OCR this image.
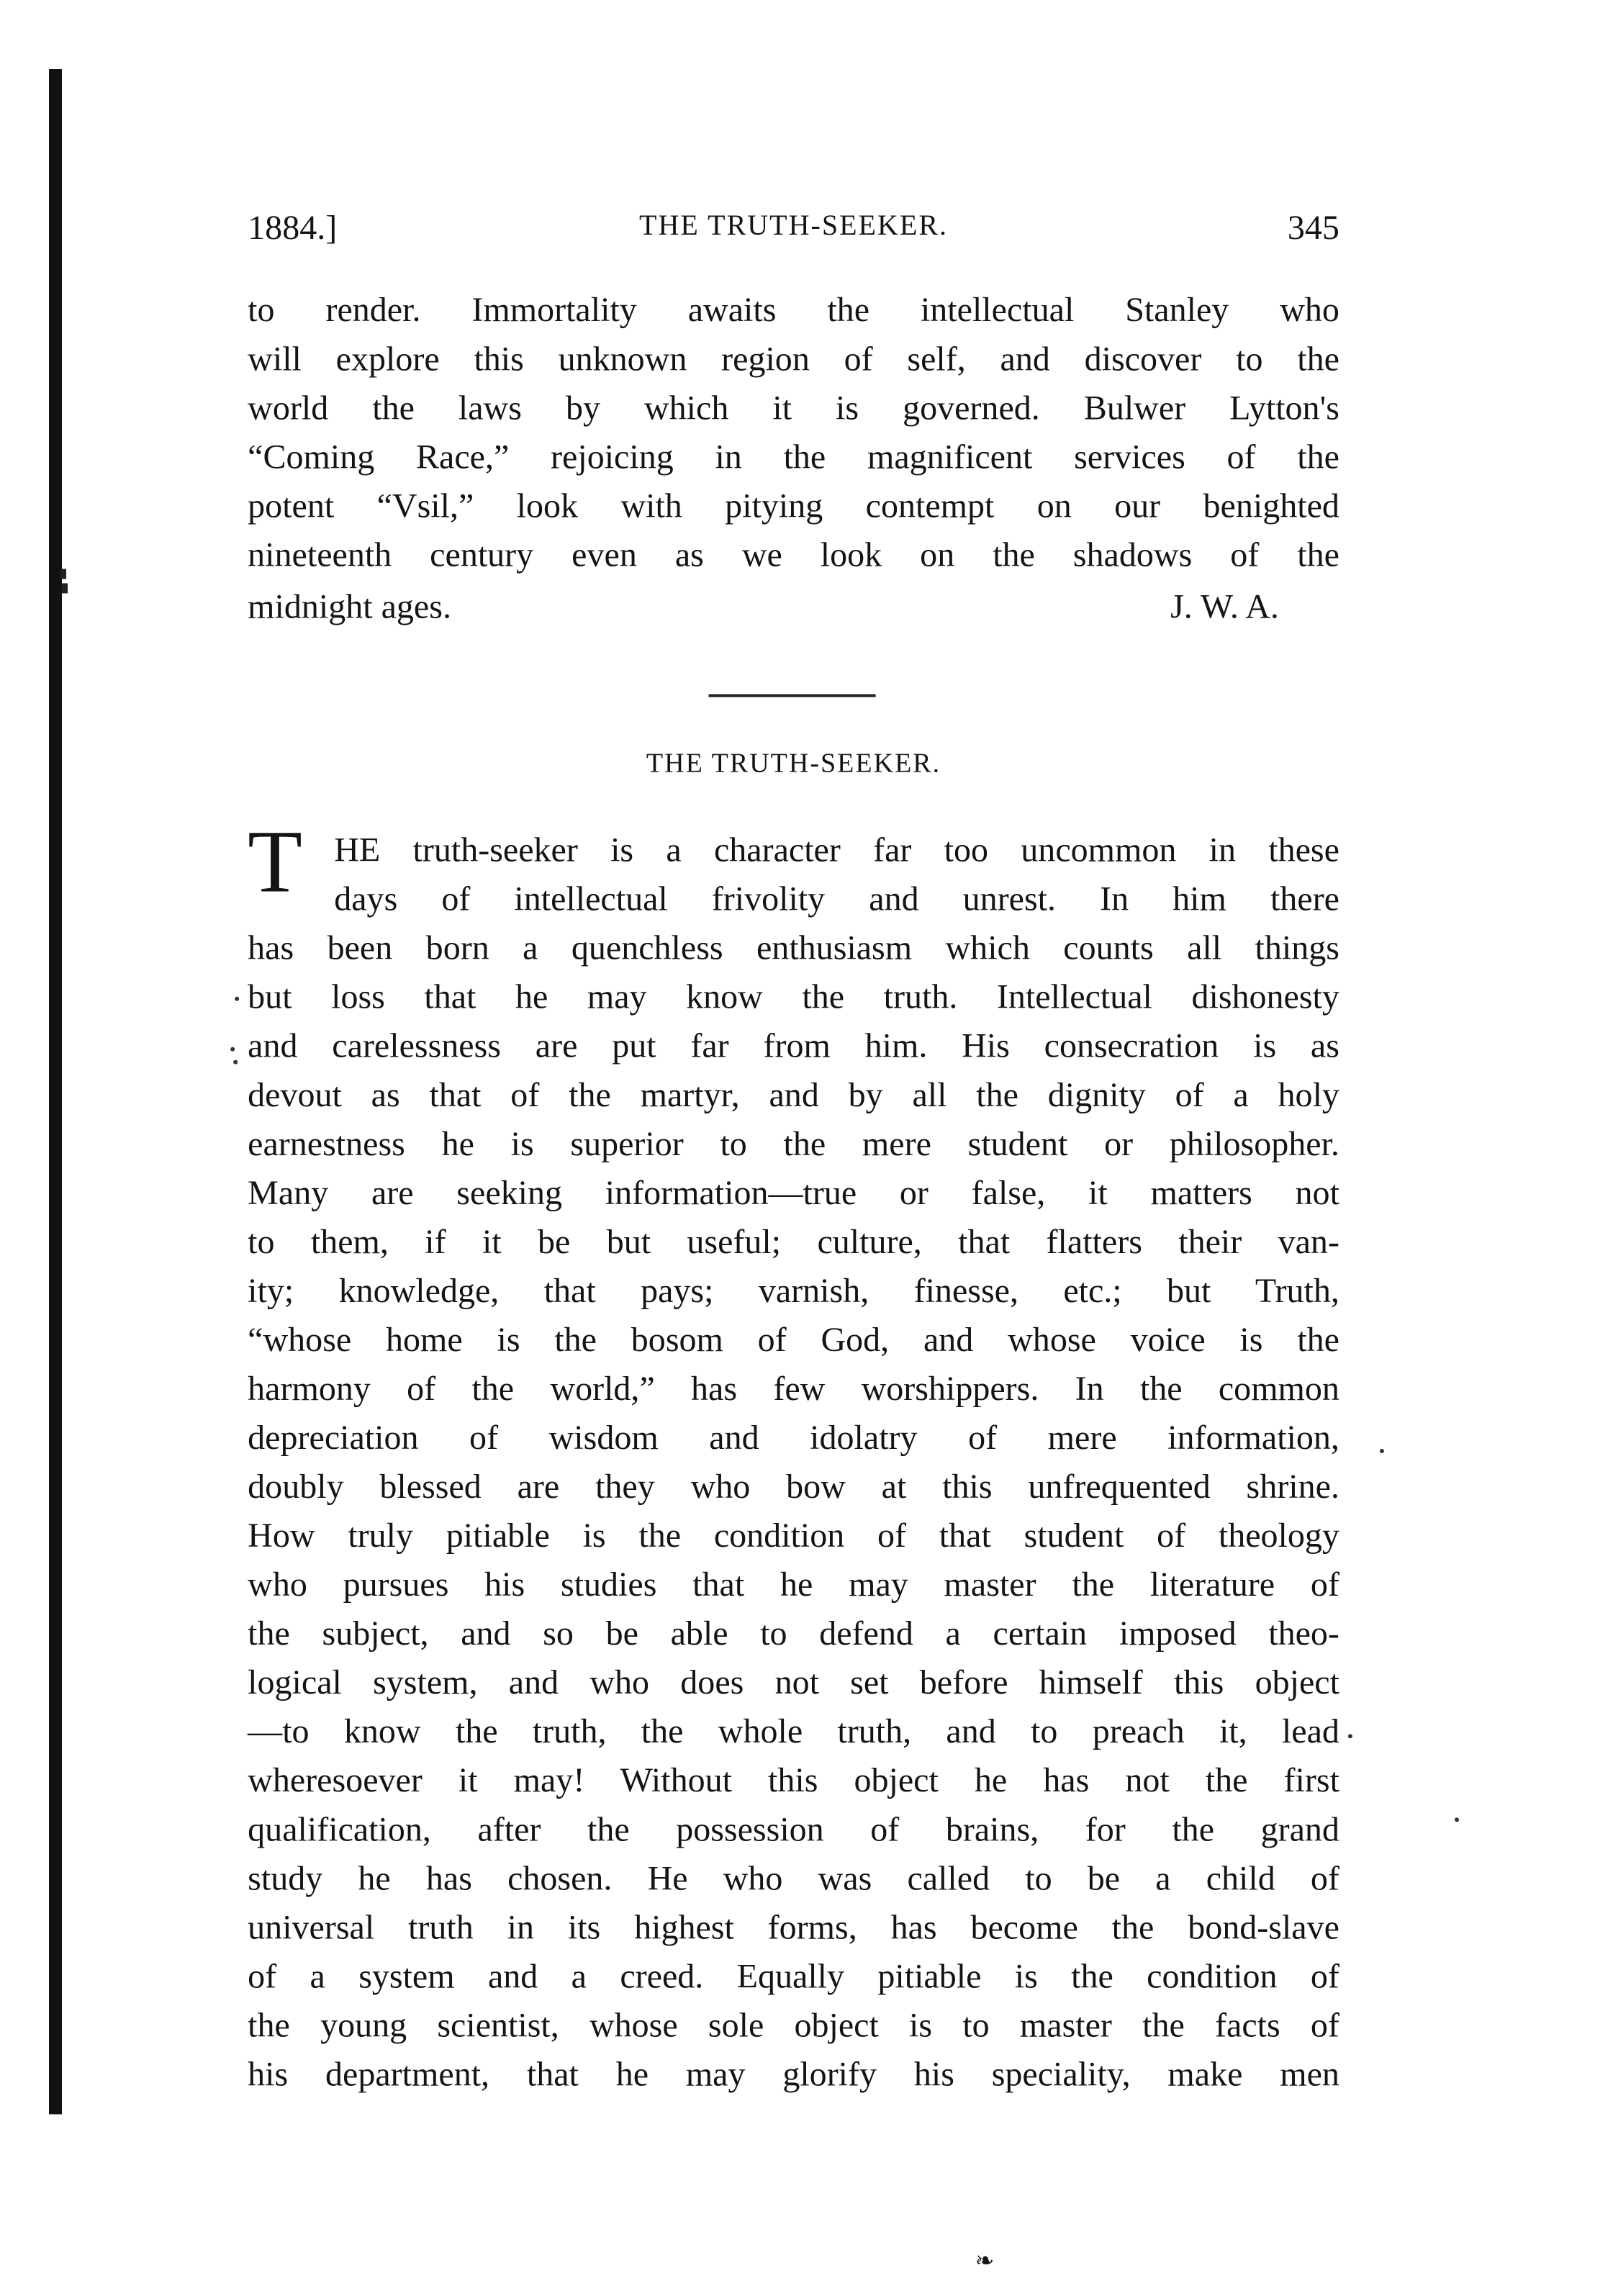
1884.]	THE TRUTH-SEEKER.	345
to render. Immortality awaits the intellectual Stanley who
will explore this unknown region of self, and discover to the
world the laws by which it is governed. Bulwer Lytton's
“Coming Race,” rejoicing in the magnificent services of the
potent “Vsil,” look with pitying contempt on our benighted
nineteenth century even as we look on the shadows of the
midnight ages.	J. W. A.
THE TRUTH-SEEKER.
T HE truth-seeker is a character far too uncommon in these
days of intellectual frivolity and unrest. In him there
has been born a quenchless enthusiasm which counts all things
but loss that he may know the truth. Intellectual dishonesty
and carelessness are put far from him. His consecration is as
devout as that of the martyr, and by all the dignity of a holy
earnestness he is superior to the mere student or philosopher.
Many are seeking information—true or false, it matters not
to them, if it be but useful; culture, that flatters their van-
ity; knowledge, that pays; varnish, finesse, etc.; but Truth,
“whose home is the bosom of God, and whose voice is the
harmony of the world,” has few worshippers. In the common
depreciation of wisdom and idolatry of mere information,
doubly blessed are they who bow at this unfrequented shrine.
How truly pitiable is the condition of that student of theology
who pursues his studies that he may master the literature of
the subject, and so be able to defend a certain imposed theo-
logical system, and who does not set before himself this object
—to know the truth, the whole truth, and to preach it, lead
wheresoever it may! Without this object he has not the first
qualification, after the possession of brains, for the grand
study he has chosen. He who was called to be a child of
universal truth in its highest forms, has become the bond-slave
of a system and a creed. Equally pitiable is the condition of
the young scientist, whose sole object is to master the facts of
his department, that he may glorify his speciality, make men
❧
